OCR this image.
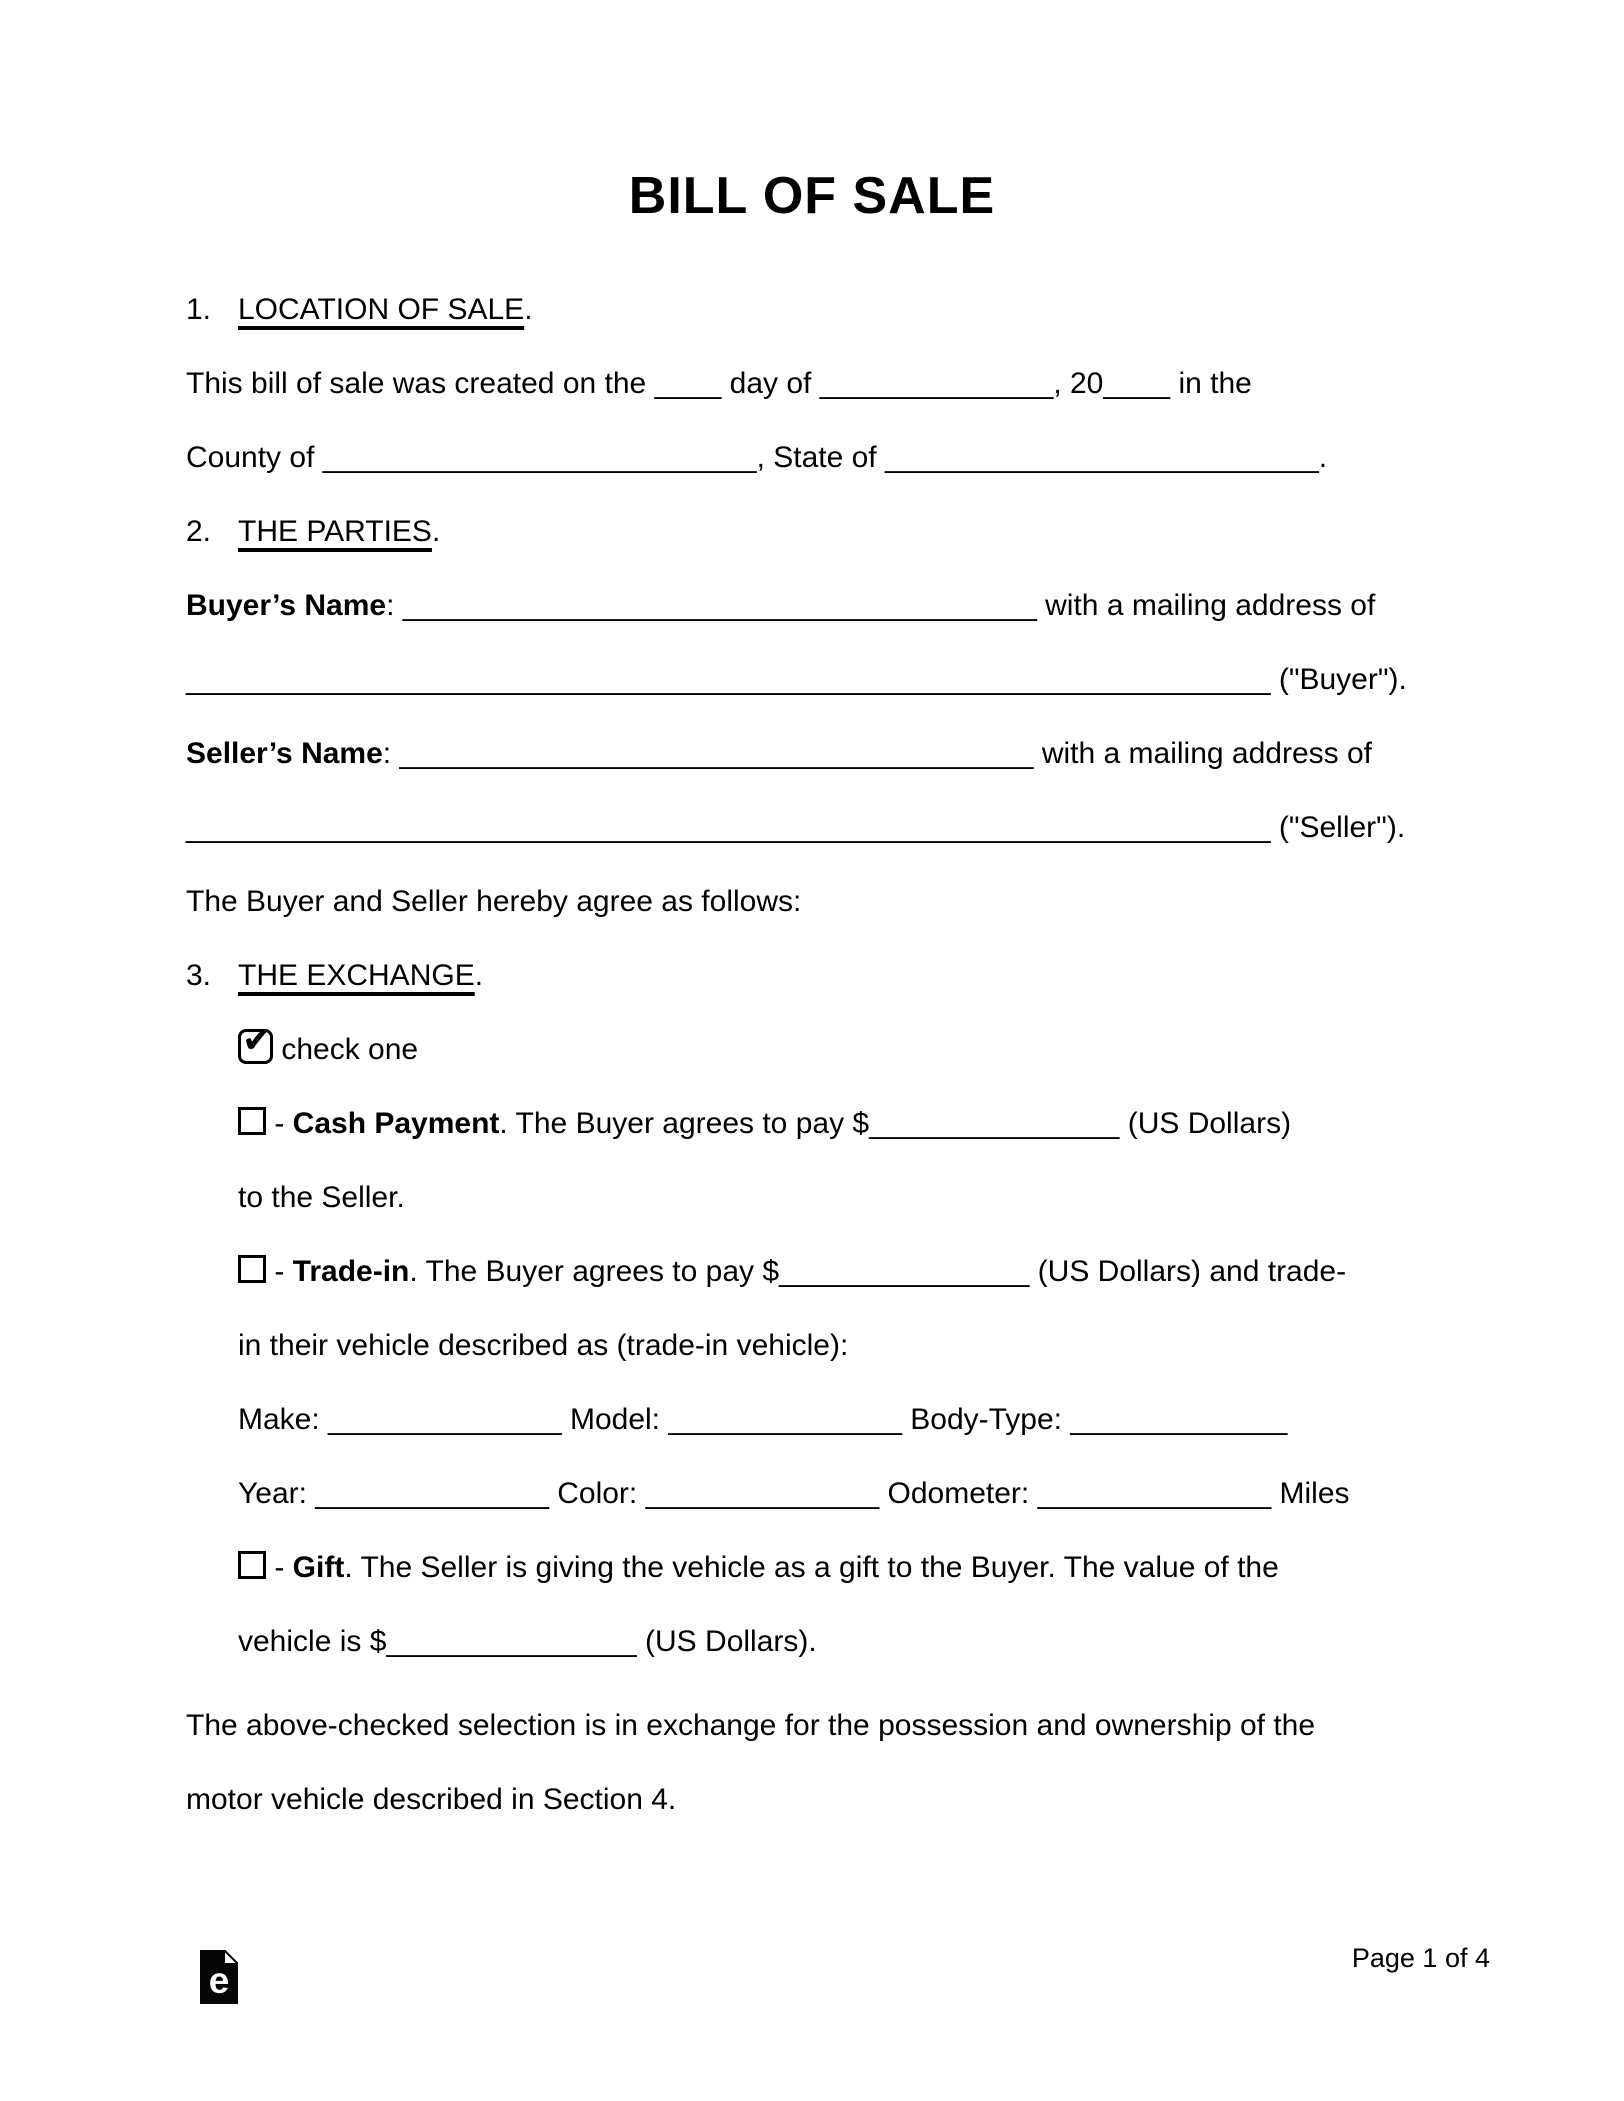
BILL OF SALE
1. LOCATION OF SALE.
This bill of sale was created on the ____ day of ______________, 20____ in the
County of __________________________, State of __________________________.
2. THE PARTIES.
Buyer’s Name: ______________________________________ with a mailing address of
_________________________________________________________________ ("Buyer").
Seller’s Name: ______________________________________ with a mailing address of
_________________________________________________________________ ("Seller").
The Buyer and Seller hereby agree as follows:
3. THE EXCHANGE.
✔ check one
- Cash Payment. The Buyer agrees to pay $_______________ (US Dollars)
to the Seller.
- Trade-in. The Buyer agrees to pay $_______________ (US Dollars) and trade-
in their vehicle described as (trade-in vehicle):
Make: ______________ Model: ______________ Body-Type: _____________
Year: ______________ Color: ______________ Odometer: ______________ Miles
- Gift. The Seller is giving the vehicle as a gift to the Buyer. The value of the
vehicle is $_______________ (US Dollars).
The above-checked selection is in exchange for the possession and ownership of the
motor vehicle described in Section 4.
e
Page 1 of 4
